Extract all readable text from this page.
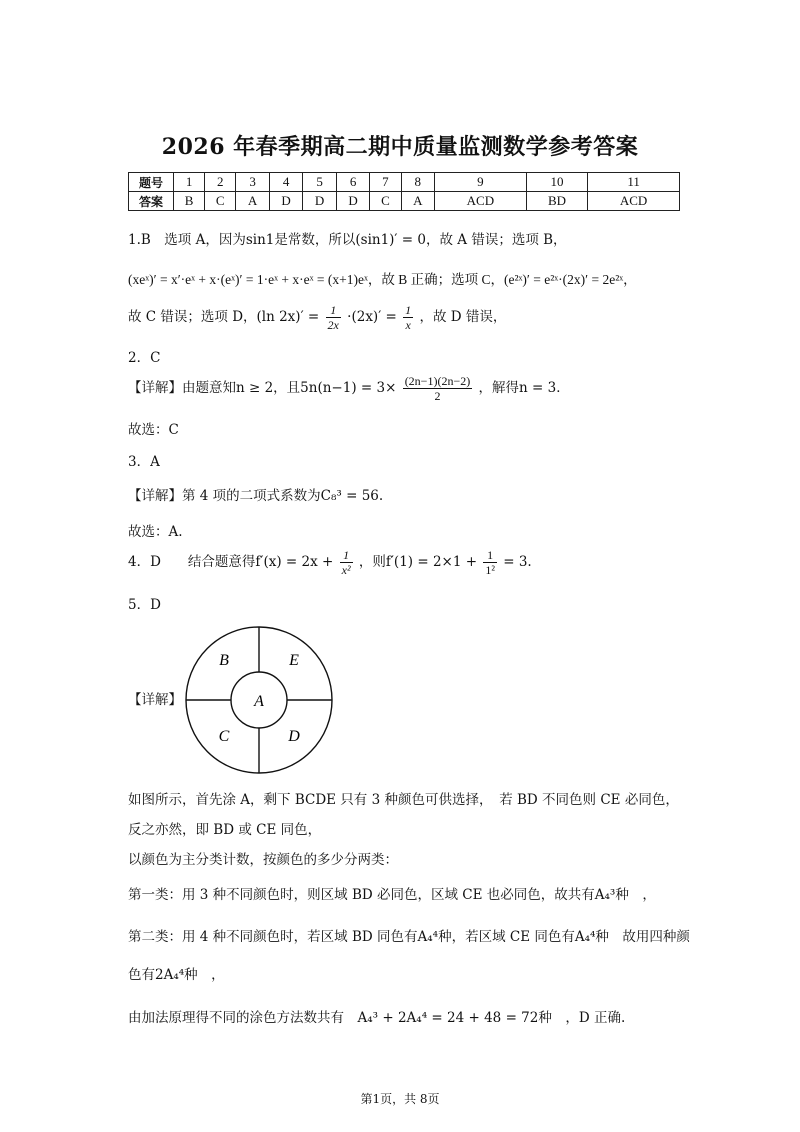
2026 年春季期高二期中质量监测数学参考答案
题号	1	2	3	4	5	6	7	8	9	10	11
答案	B	C	A	D	D	D	C	A	ACD	BD	ACD
1.B　选项 A，因为sin1是常数，所以(sin1)′ = 0，故 A 错误；选项 B，
(xeˣ)′ = x′·eˣ + x·(eˣ)′ = 1·eˣ + x·eˣ = (x+1)eˣ，故 B 正确；选项 C，(e²ˣ)′ = e²ˣ·(2x)′ = 2e²ˣ，
故 C 错误；选项 D，(ln $2x)' = \frac{1}{2x} \cdot(2x)' = \frac{1}{x}$ ，故 D 错误，
2．C
【详解】由题意知n ≥ 2，且$5n(n-1) = 3\times \frac{(2n-1)(2n-2)}{2}$ ，解得n = 3．
故选：C
3．A
【详解】第 4 项的二项式系数为C₈³ = 56.
故选：A.
4．D　　结合题意得$f'(x) = 2x + \frac{1}{\text{x²}}$ ，则$f'(1) = 2\times 1 + \frac{1}{\text{1²}} = 3$.
5．D
【详解】	A
B	E
C	D
如图所示，首先涂 A，剩下 BCDE 只有 3 种颜色可供选择，　若 BD 不同色则 CE 必同色，
反之亦然，即 BD 或 CE 同色，
以颜色为主分类计数，按颜色的多少分两类：
第一类：用 3 种不同颜色时，则区域 BD 必同色，区域 CE 也必同色，故共有A₄³种　，
第二类：用 4 种不同颜色时，若区域 BD 同色有A₄⁴种，若区域 CE 同色有A₄⁴种　故用四种颜
色有2A₄⁴种　，
由加法原理得不同的涂色方法数共有　A₄³ + 2A₄⁴ = 24 + 48 = 72种　，D 正确.
第1页，共 8页
